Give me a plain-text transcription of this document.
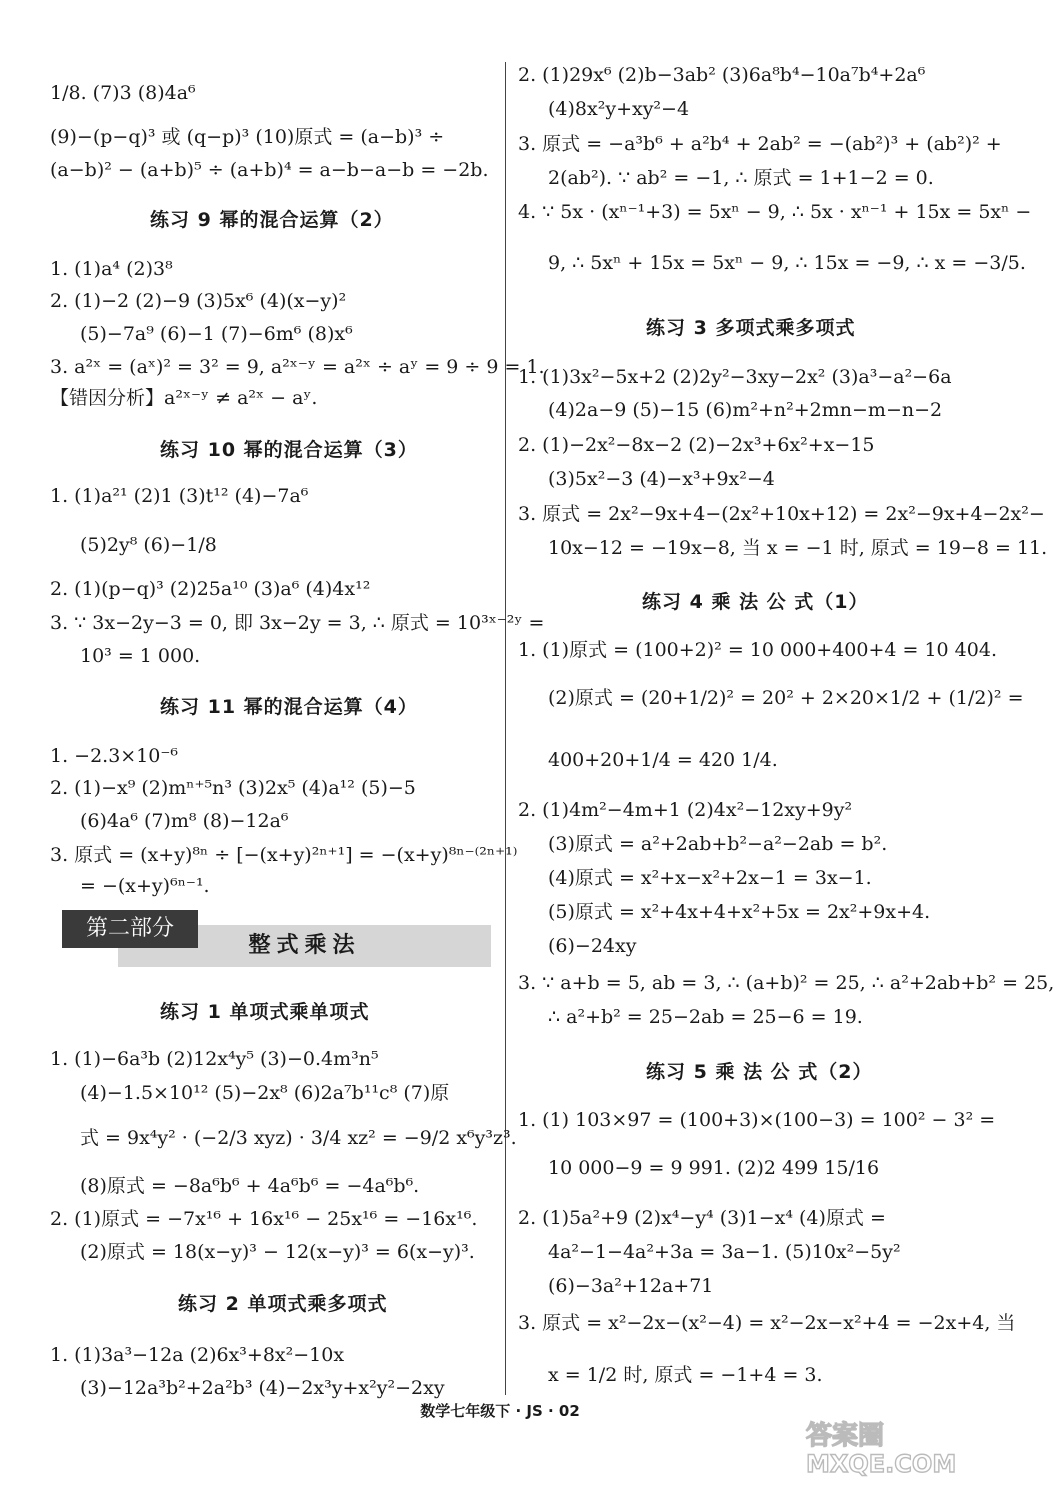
1/8. (7)3 (8)4a⁶
(9)−(p−q)³ 或 (q−p)³ (10)原式 = (a−b)³ ÷
(a−b)² − (a+b)⁵ ÷ (a+b)⁴ = a−b−a−b = −2b.
练习 9 幂的混合运算（2）
1. (1)a⁴ (2)3⁸
2. (1)−2 (2)−9 (3)5x⁶ (4)(x−y)²
(5)−7a⁹ (6)−1 (7)−6m⁶ (8)x⁶
3. a²ˣ = (aˣ)² = 3² = 9, a²ˣ⁻ʸ = a²ˣ ÷ aʸ = 9 ÷ 9 = 1.
【错因分析】a²ˣ⁻ʸ ≠ a²ˣ − aʸ.
练习 10 幂的混合运算（3）
1. (1)a²¹ (2)1 (3)t¹² (4)−7a⁶
(5)2y⁸ (6)−1/8
2. (1)(p−q)³ (2)25a¹⁰ (3)a⁶ (4)4x¹²
3. ∵ 3x−2y−3 = 0, 即 3x−2y = 3, ∴ 原式 = 10³ˣ⁻²ʸ =
10³ = 1 000.
练习 11 幂的混合运算（4）
1. −2.3×10⁻⁶
2. (1)−x⁹ (2)mⁿ⁺⁵n³ (3)2x⁵ (4)a¹² (5)−5
(6)4a⁶ (7)m⁸ (8)−12a⁶
3. 原式 = (x+y)⁸ⁿ ÷ [−(x+y)²ⁿ⁺¹] = −(x+y)⁸ⁿ⁻⁽²ⁿ⁺¹⁾
= −(x+y)⁶ⁿ⁻¹.
整式乘法
第二部分
练习 1 单项式乘单项式
1. (1)−6a³b (2)12x⁴y⁵ (3)−0.4m³n⁵
(4)−1.5×10¹² (5)−2x⁸ (6)2a⁷b¹¹c⁸ (7)原
式 = 9x⁴y² · (−2/3 xyz) · 3/4 xz² = −9/2 x⁶y³z³.
(8)原式 = −8a⁶b⁶ + 4a⁶b⁶ = −4a⁶b⁶.
2. (1)原式 = −7x¹⁶ + 16x¹⁶ − 25x¹⁶ = −16x¹⁶.
(2)原式 = 18(x−y)³ − 12(x−y)³ = 6(x−y)³.
练习 2 单项式乘多项式
1. (1)3a³−12a (2)6x³+8x²−10x
(3)−12a³b²+2a²b³ (4)−2x³y+x²y²−2xy
2. (1)29x⁶ (2)b−3ab² (3)6a⁸b⁴−10a⁷b⁴+2a⁶
(4)8x²y+xy²−4
3. 原式 = −a³b⁶ + a²b⁴ + 2ab² = −(ab²)³ + (ab²)² +
2(ab²). ∵ ab² = −1, ∴ 原式 = 1+1−2 = 0.
4. ∵ 5x · (xⁿ⁻¹+3) = 5xⁿ − 9, ∴ 5x · xⁿ⁻¹ + 15x = 5xⁿ −
9, ∴ 5xⁿ + 15x = 5xⁿ − 9, ∴ 15x = −9, ∴ x = −3/5.
练习 3 多项式乘多项式
1. (1)3x²−5x+2 (2)2y²−3xy−2x² (3)a³−a²−6a
(4)2a−9 (5)−15 (6)m²+n²+2mn−m−n−2
2. (1)−2x²−8x−2 (2)−2x³+6x²+x−15
(3)5x²−3 (4)−x³+9x²−4
3. 原式 = 2x²−9x+4−(2x²+10x+12) = 2x²−9x+4−2x²−
10x−12 = −19x−8, 当 x = −1 时, 原式 = 19−8 = 11.
练习 4 乘 法 公 式（1）
1. (1)原式 = (100+2)² = 10 000+400+4 = 10 404.
(2)原式 = (20+1/2)² = 20² + 2×20×1/2 + (1/2)² =
400+20+1/4 = 420 1/4.
2. (1)4m²−4m+1 (2)4x²−12xy+9y²
(3)原式 = a²+2ab+b²−a²−2ab = b².
(4)原式 = x²+x−x²+2x−1 = 3x−1.
(5)原式 = x²+4x+4+x²+5x = 2x²+9x+4.
(6)−24xy
3. ∵ a+b = 5, ab = 3, ∴ (a+b)² = 25, ∴ a²+2ab+b² = 25,
∴ a²+b² = 25−2ab = 25−6 = 19.
练习 5 乘 法 公 式（2）
1. (1) 103×97 = (100+3)×(100−3) = 100² − 3² =
10 000−9 = 9 991. (2)2 499 15/16
2. (1)5a²+9 (2)x⁴−y⁴ (3)1−x⁴ (4)原式 =
4a²−1−4a²+3a = 3a−1. (5)10x²−5y²
(6)−3a²+12a+71
3. 原式 = x²−2x−(x²−4) = x²−2x−x²+4 = −2x+4, 当
x = 1/2 时, 原式 = −1+4 = 3.
数学七年级下 · JS · 02
答案圈
MXQE.COM
